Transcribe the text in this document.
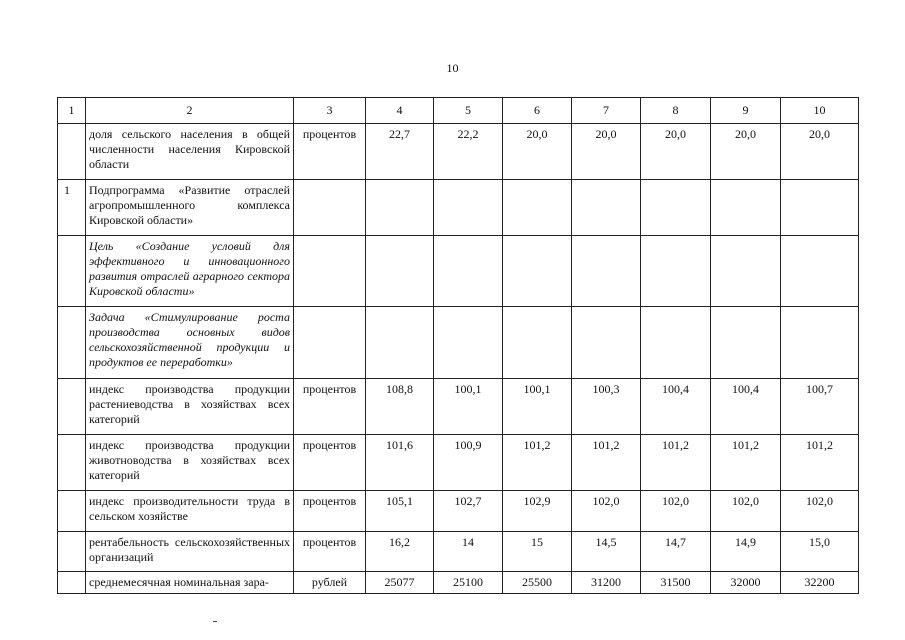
10
1	2	3	4	5	6	7	8	9	10
	доля сельского населения в общей численности населения Кировской области	процентов	22,7	22,2	20,0	20,0	20,0	20,0	20,0
1	Подпрограмма «Развитие отраслей агропромышленного комплекса Кировской области»								
	Цель «Создание условий для эффективного и инновационного развития отраслей аграрного сектора Кировской области»								
	Задача «Стимулирование роста производства основных видов сельскохозяйственной продукции и продуктов ее переработки»								
	индекс производства продукции растениеводства в хозяйствах всех категорий	процентов	108,8	100,1	100,1	100,3	100,4	100,4	100,7
	индекс производства продукции животноводства в хозяйствах всех категорий	процентов	101,6	100,9	101,2	101,2	101,2	101,2	101,2
	индекс производительности труда в сельском хозяйстве	процентов	105,1	102,7	102,9	102,0	102,0	102,0	102,0
	рентабельность сельскохозяйственных организаций	процентов	16,2	14	15	14,5	14,7	14,9	15,0
	среднемесячная номинальная зара-	рублей	25077	25100	25500	31200	31500	32000	32200
